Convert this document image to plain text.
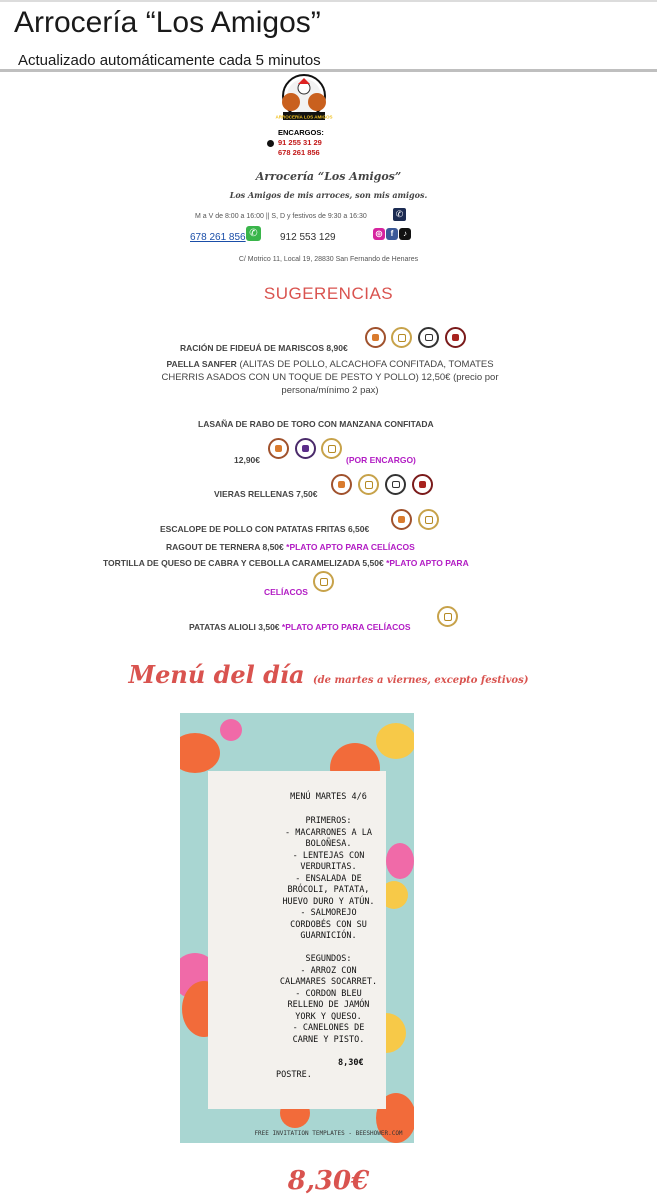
Arrocería “Los Amigos”
Actualizado automáticamente cada 5 minutos
ARROCERÍA LOS AMIGOS
ENCARGOS:
91 255 31 29
678 261 856
Arrocería “Los Amigos”
Los Amigos de mis arroces, son mis amigos.
M a V de 8:00 a 16:00 || S, D y festivos de 9:30 a 16:30	✆
678 261 856 ✆	912 553 129	◎	f	♪
C/ Motrico 11, Local 19, 28830 San Fernando de Henares
SUGERENCIAS
RACIÓN DE FIDEUÁ DE MARISCOS 8,90€
PAELLA SANFER (ALITAS DE POLLO, ALCACHOFA CONFITADA, TOMATES CHERRIS ASADOS CON UN TOQUE DE PESTO Y POLLO) 12,50€ (precio por persona/mínimo 2 pax)
LASAÑA DE RABO DE TORO CON MANZANA CONFITADA
12,90€	(POR ENCARGO)
VIERAS RELLENAS 7,50€
ESCALOPE DE POLLO CON PATATAS FRITAS 6,50€
RAGOUT DE TERNERA 8,50€ *PLATO APTO PARA CELÍACOS
TORTILLA DE QUESO DE CABRA Y CEBOLLA CARAMELIZADA 5,50€ *PLATO APTO PARA
CELÍACOS
PATATAS ALIOLI 3,50€ *PLATO APTO PARA CELÍACOS
Menú del día (de martes a viernes, excepto festivos)
MENÚ MARTES 4/6
PRIMEROS:
- MACARRONES A LA
BOLOÑESA.
- LENTEJAS CON
VERDURITAS.
- ENSALADA DE
BRÓCOLI, PATATA,
HUEVO DURO Y ATÚN.
- SALMOREJO
CORDOBÉS CON SU
GUARNICIÓN.

SEGUNDOS:
- ARROZ CON
CALAMARES SOCARRET.
- CORDON BLEU
RELLENO DE JAMÓN
YORK Y QUESO.
- CANELONES DE
CARNE Y PISTO.
8,30€
POSTRE.
FREE INVITATION TEMPLATES - BEESHOWER.COM
8,30€
